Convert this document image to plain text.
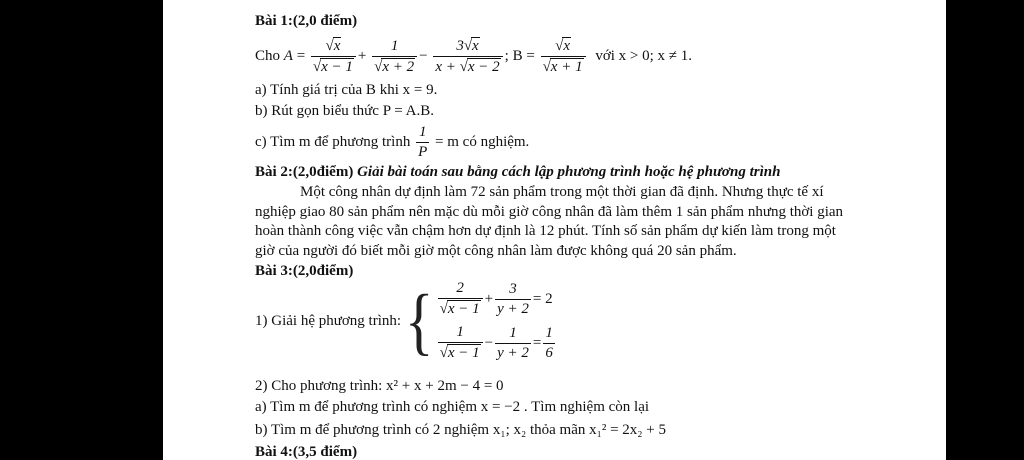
Bài 1:(2,0 điểm)
Cho $A = \frac{√x}{√x - 1} + \frac{1}{√x + 2} - \frac{3√x}{x + √x - 2}$ ; $B = \frac{√x}{√x + 1}$ với x > 0; x ≠ 1.
a) Tính giá trị của B khi x = 9.
b) Rút gọn biểu thức P = A.B.
c) Tìm m để phương trình $\frac{1}{P} = m$ có nghiệm.
Bài 2:(2,0điểm) Giải bài toán sau bằng cách lập phương trình hoặc hệ phương trình
Một công nhân dự định làm 72 sản phẩm trong một thời gian đã định. Nhưng thực tế xí
nghiệp giao 80 sản phẩm nên mặc dù mỗi giờ công nhân đã làm thêm 1 sản phẩm nhưng thời gian
hoàn thành công việc vẫn chậm hơn dự định là 12 phút. Tính số sản phẩm dự kiến làm trong một
giờ của người đó biết mỗi giờ một công nhân làm được không quá 20 sản phẩm.
Bài 3:(2,0điểm)
1) Giải hệ phương trình: { $\frac{2}{√x - 1} + \frac{3}{y + 2} = 2$
$\frac{1}{√x - 1} - \frac{1}{y + 2} = \frac{1}{6}$
2) Cho phương trình: x² + x + 2m − 4 = 0
a) Tìm m để phương trình có nghiệm x = −2 . Tìm nghiệm còn lại
b) Tìm m để phương trình có 2 nghiệm x₁; x₂ thỏa mãn x₁² = 2x₂ + 5
Bài 4:(3,5 điểm)
